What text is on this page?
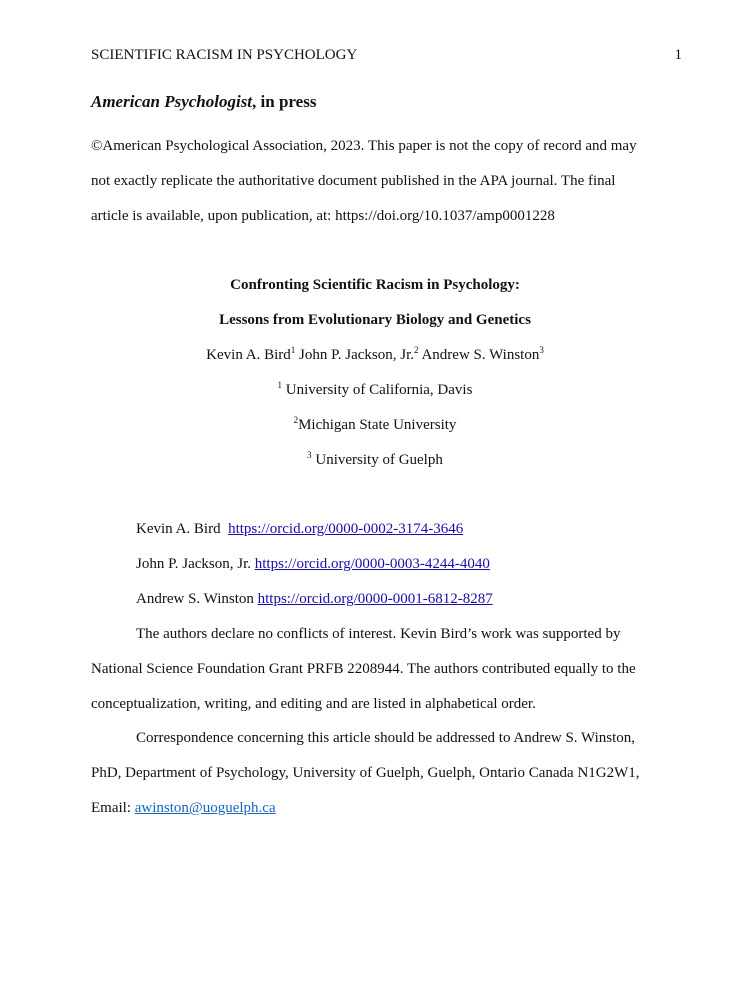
SCIENTIFIC RACISM IN PSYCHOLOGY	1
American Psychologist, in press
©American Psychological Association, 2023. This paper is not the copy of record and may
not exactly replicate the authoritative document published in the APA journal. The final
article is available, upon publication, at: https://doi.org/10.1037/amp0001228
Confronting Scientific Racism in Psychology:
Lessons from Evolutionary Biology and Genetics
Kevin A. Bird$^1$ John P. Jackson, Jr.$^2$ Andrew S. Winston$^3$
$^1$ University of California, Davis
$^2$Michigan State University
$^3$ University of Guelph
Kevin A. Bird https://orcid.org/0000-0002-3174-3646
John P. Jackson, Jr. https://orcid.org/0000-0003-4244-4040
Andrew S. Winston https://orcid.org/0000-0001-6812-8287
The authors declare no conflicts of interest. Kevin Bird’s work was supported by
National Science Foundation Grant PRFB 2208944. The authors contributed equally to the
conceptualization, writing, and editing and are listed in alphabetical order.
Correspondence concerning this article should be addressed to Andrew S. Winston,
PhD, Department of Psychology, University of Guelph, Guelph, Ontario Canada N1G2W1,
Email: awinston@uoguelph.ca
